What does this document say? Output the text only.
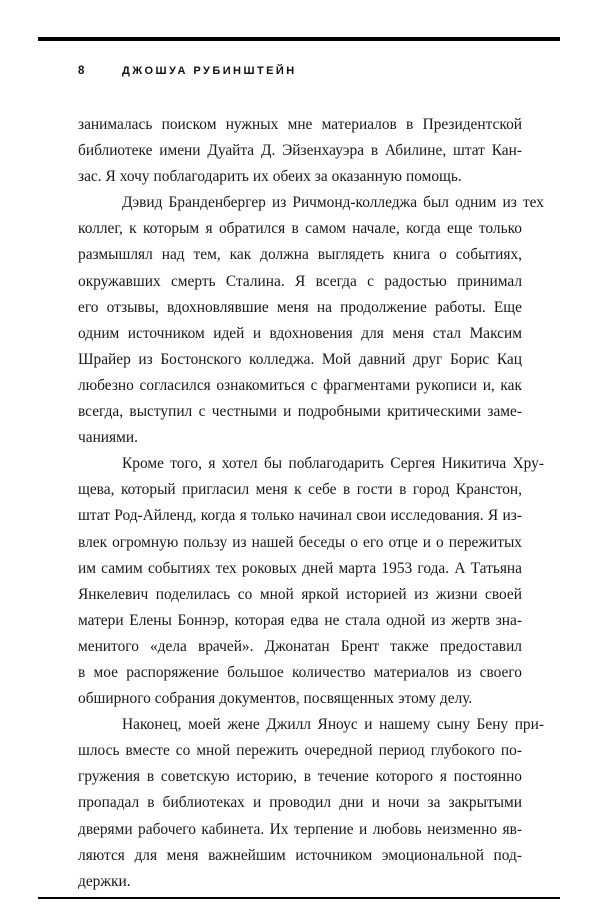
8	ДЖОШУА РУБИНШТЕЙН

занималась поиском нужных мне материалов в Президентской
библиотеке имени Дуайта Д. Эйзенхауэра в Абилине, штат Кан-
зас. Я хочу поблагодарить их обеих за оказанную помощь.

Дэвид Бранденбергер из Ричмонд-колледжа был одним из тех
коллег, к которым я обратился в самом начале, когда еще только
размышлял над тем, как должна выглядеть книга о событиях,
окружавших смерть Сталина. Я всегда с радостью принимал
его отзывы, вдохновлявшие меня на продолжение работы. Еще
одним источником идей и вдохновения для меня стал Максим
Шрайер из Бостонского колледжа. Мой давний друг Борис Кац
любезно согласился ознакомиться с фрагментами рукописи и, как
всегда, выступил с честными и подробными критическими заме-
чаниями.

Кроме того, я хотел бы поблагодарить Сергея Никитича Хру-
щева, который пригласил меня к себе в гости в город Кранстон,
штат Род-Айленд, когда я только начинал свои исследования. Я из-
влек огромную пользу из нашей беседы о его отце и о пережитых
им самим событиях тех роковых дней марта 1953 года. А Татьяна
Янкелевич поделилась со мной яркой историей из жизни своей
матери Елены Боннэр, которая едва не стала одной из жертв зна-
менитого «дела врачей». Джонатан Брент также предоставил
в мое распоряжение большое количество материалов из своего
обширного собрания документов, посвященных этому делу.

Наконец, моей жене Джилл Яноус и нашему сыну Бену при-
шлось вместе со мной пережить очередной период глубокого по-
гружения в советскую историю, в течение которого я постоянно
пропадал в библиотеках и проводил дни и ночи за закрытыми
дверями рабочего кабинета. Их терпение и любовь неизменно яв-
ляются для меня важнейшим источником эмоциональной под-
держки.
